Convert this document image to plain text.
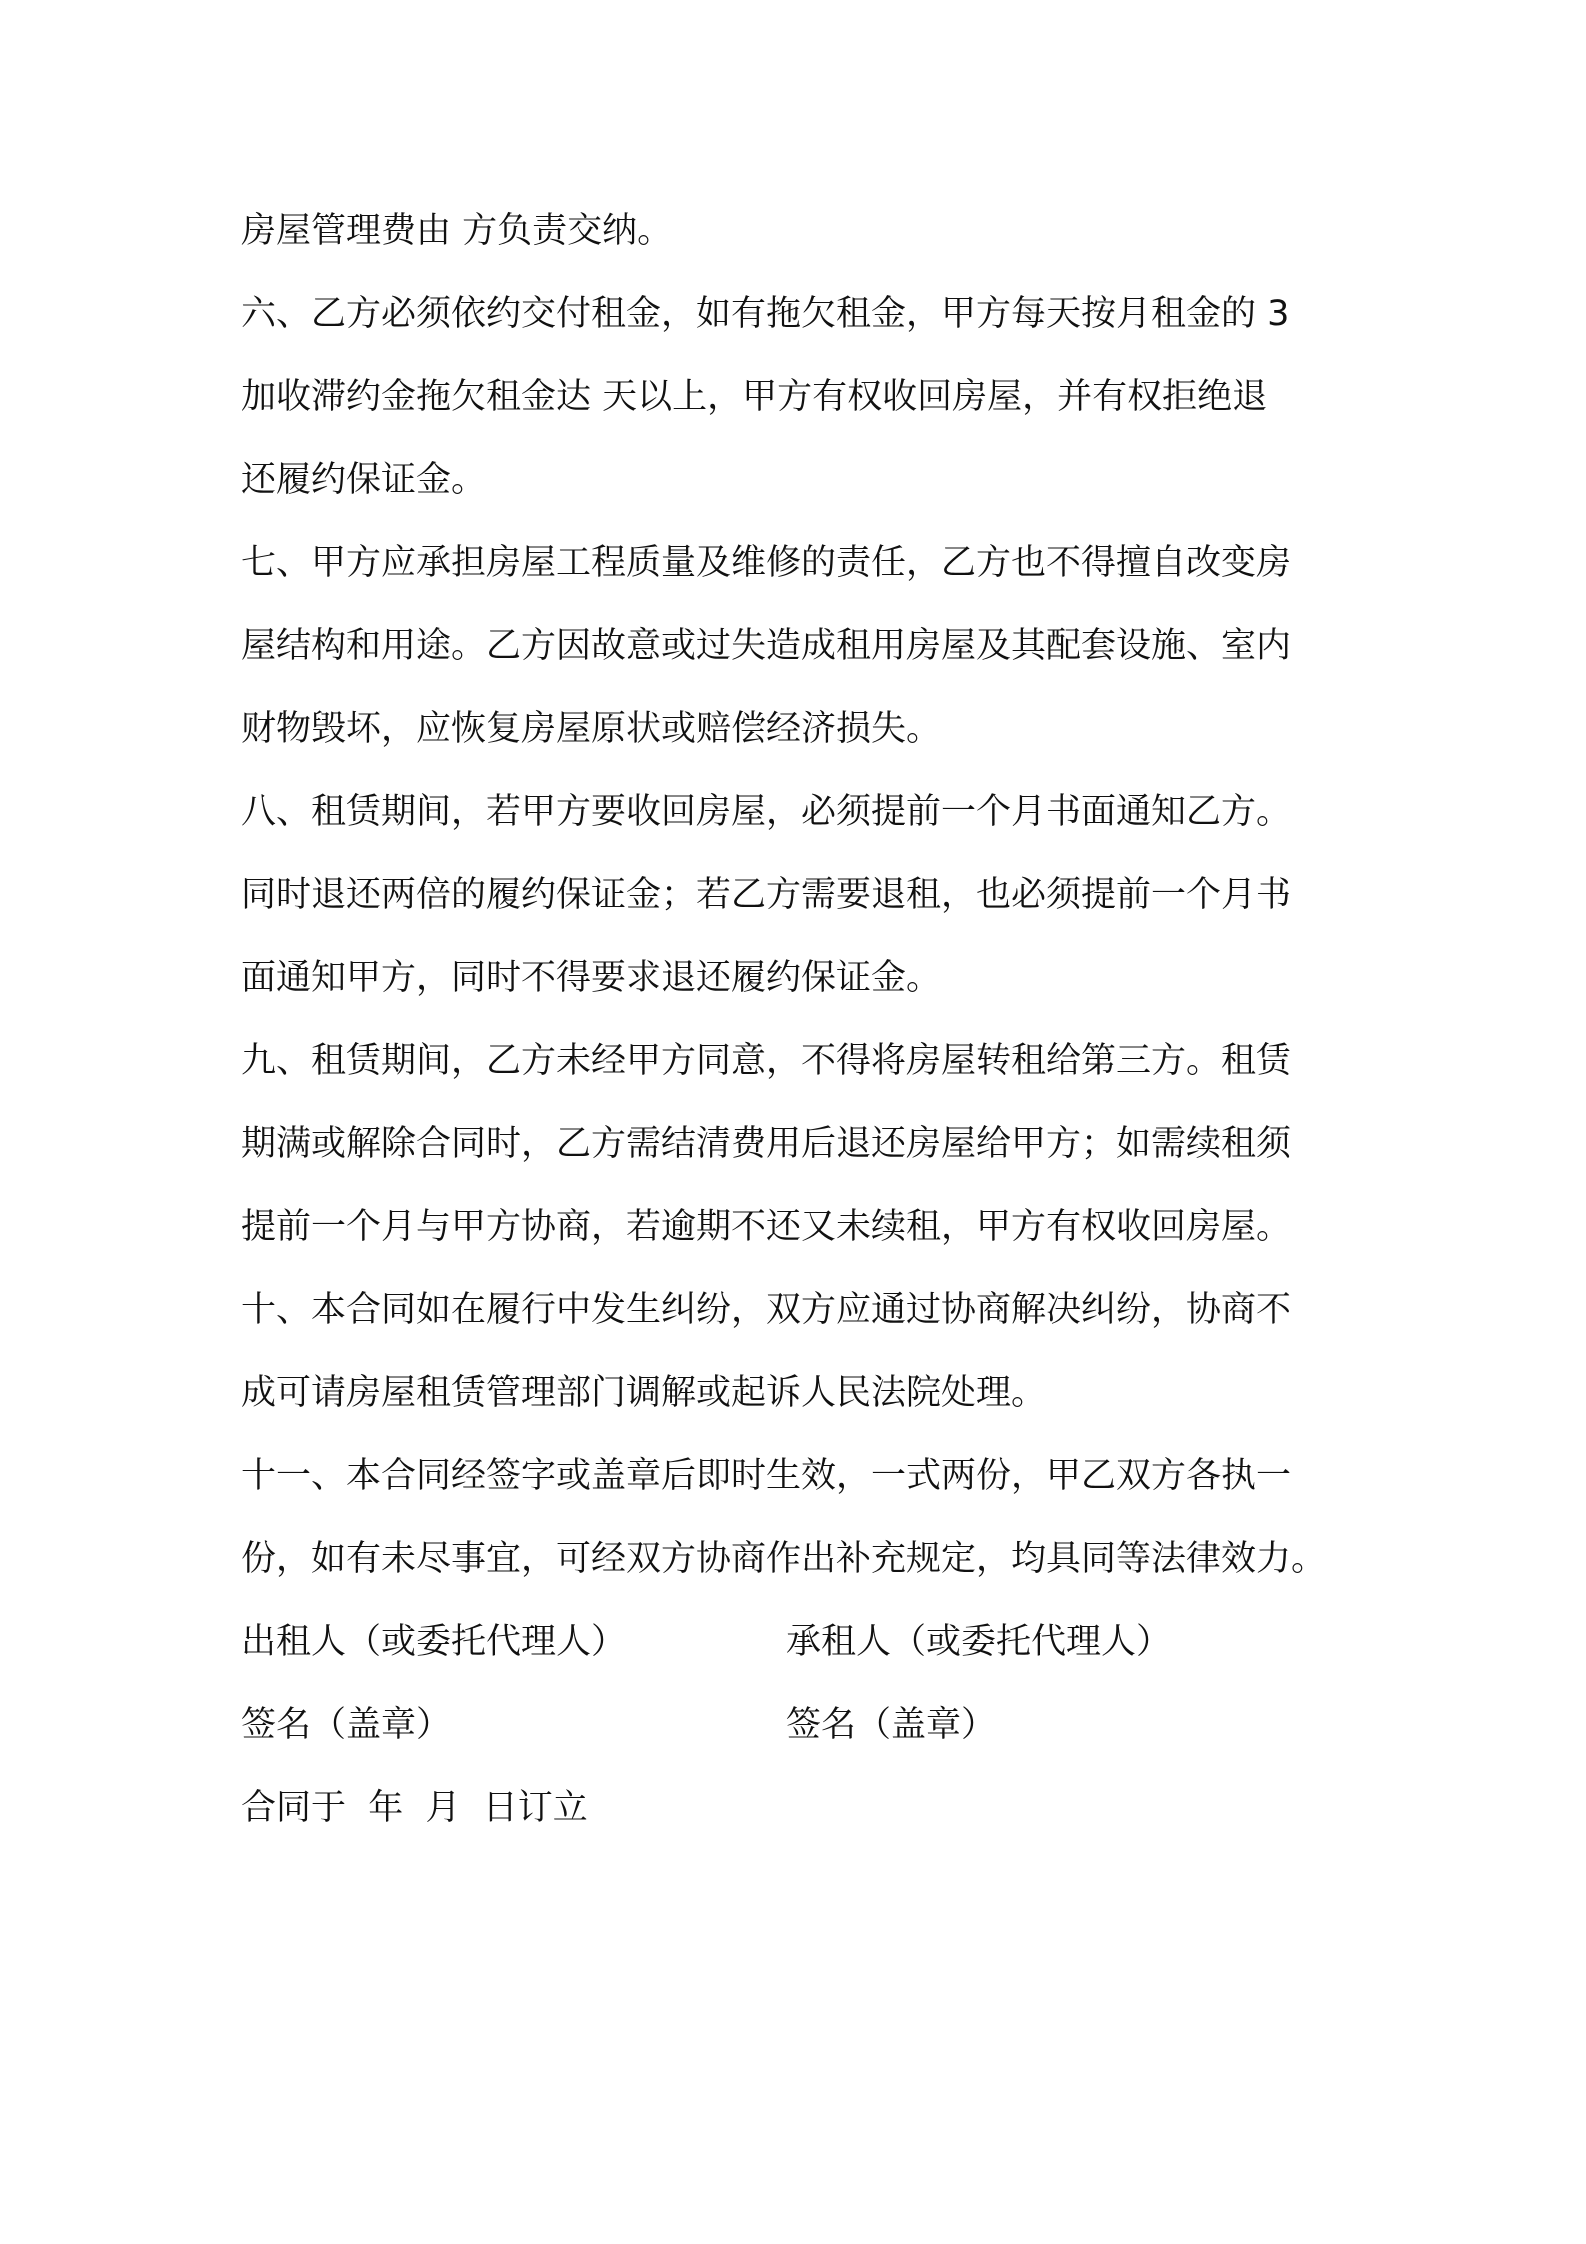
房屋管理费由 方负责交纳。
六、乙方必须依约交付租金，如有拖欠租金，甲方每天按月租金的 3
加收滞约金拖欠租金达 天以上，甲方有权收回房屋，并有权拒绝退
还履约保证金。
七、甲方应承担房屋工程质量及维修的责任，乙方也不得擅自改变房
屋结构和用途。乙方因故意或过失造成租用房屋及其配套设施、室内
财物毁坏，应恢复房屋原状或赔偿经济损失。
八、租赁期间，若甲方要收回房屋，必须提前一个月书面通知乙方。
同时退还两倍的履约保证金；若乙方需要退租，也必须提前一个月书
面通知甲方，同时不得要求退还履约保证金。
九、租赁期间，乙方未经甲方同意，不得将房屋转租给第三方。租赁
期满或解除合同时，乙方需结清费用后退还房屋给甲方；如需续租须
提前一个月与甲方协商，若逾期不还又未续租，甲方有权收回房屋。
十、本合同如在履行中发生纠纷，双方应通过协商解决纠纷，协商不
成可请房屋租赁管理部门调解或起诉人民法院处理。
十一、本合同经签字或盖章后即时生效，一式两份，甲乙双方各执一
份，如有未尽事宜，可经双方协商作出补充规定，均具同等法律效力。

出租人（或委托代理人）

	承租人（或委托代理人）

签名（盖章）

	签名（盖章）

合同于  年  月  日订立
